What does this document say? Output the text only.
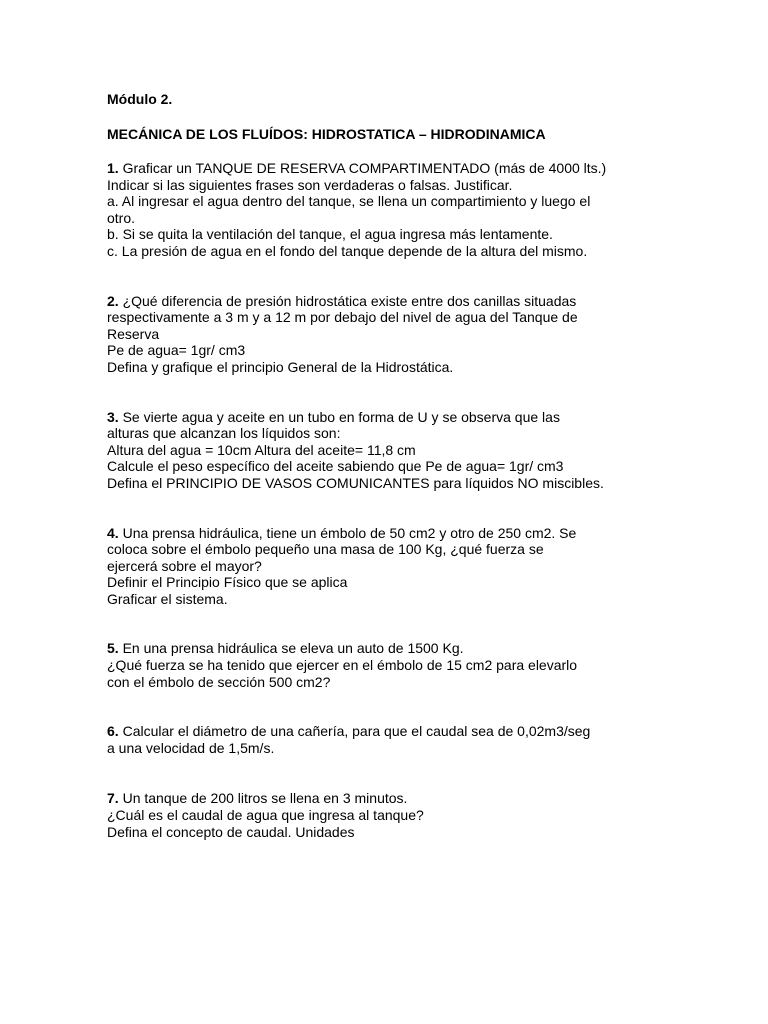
Módulo 2.

MECÁNICA DE LOS FLUÍDOS: HIDROSTATICA – HIDRODINAMICA

1. Graficar un TANQUE DE RESERVA COMPARTIMENTADO (más de 4000 lts.)
Indicar si las siguientes frases son verdaderas o falsas. Justificar.
a. Al ingresar el agua dentro del tanque, se llena un compartimiento y luego el
otro.
b. Si se quita la ventilación del tanque, el agua ingresa más lentamente.
c. La presión de agua en el fondo del tanque depende de la altura del mismo.
2. ¿Qué diferencia de presión hidrostática existe entre dos canillas situadas
respectivamente a 3 m y a 12 m por debajo del nivel de agua del Tanque de
Reserva
Pe de agua= 1gr/ cm3
Defina y grafique el principio General de la Hidrostática.
3. Se vierte agua y aceite en un tubo en forma de U y se observa que las
alturas que alcanzan los líquidos son:
Altura del agua = 10cm Altura del aceite= 11,8 cm
Calcule el peso específico del aceite sabiendo que Pe de agua= 1gr/ cm3
Defina el PRINCIPIO DE VASOS COMUNICANTES para líquidos NO miscibles.
4. Una prensa hidráulica, tiene un émbolo de 50 cm2 y otro de 250 cm2. Se
coloca sobre el émbolo pequeño una masa de 100 Kg, ¿qué fuerza se
ejercerá sobre el mayor?
Definir el Principio Físico que se aplica
Graficar el sistema.
5. En una prensa hidráulica se eleva un auto de 1500 Kg.
¿Qué fuerza se ha tenido que ejercer en el émbolo de 15 cm2 para elevarlo
con el émbolo de sección 500 cm2?
6. Calcular el diámetro de una cañería, para que el caudal sea de 0,02m3/seg
a una velocidad de 1,5m/s.
7. Un tanque de 200 litros se llena en 3 minutos.
¿Cuál es el caudal de agua que ingresa al tanque?
Defina el concepto de caudal. Unidades
